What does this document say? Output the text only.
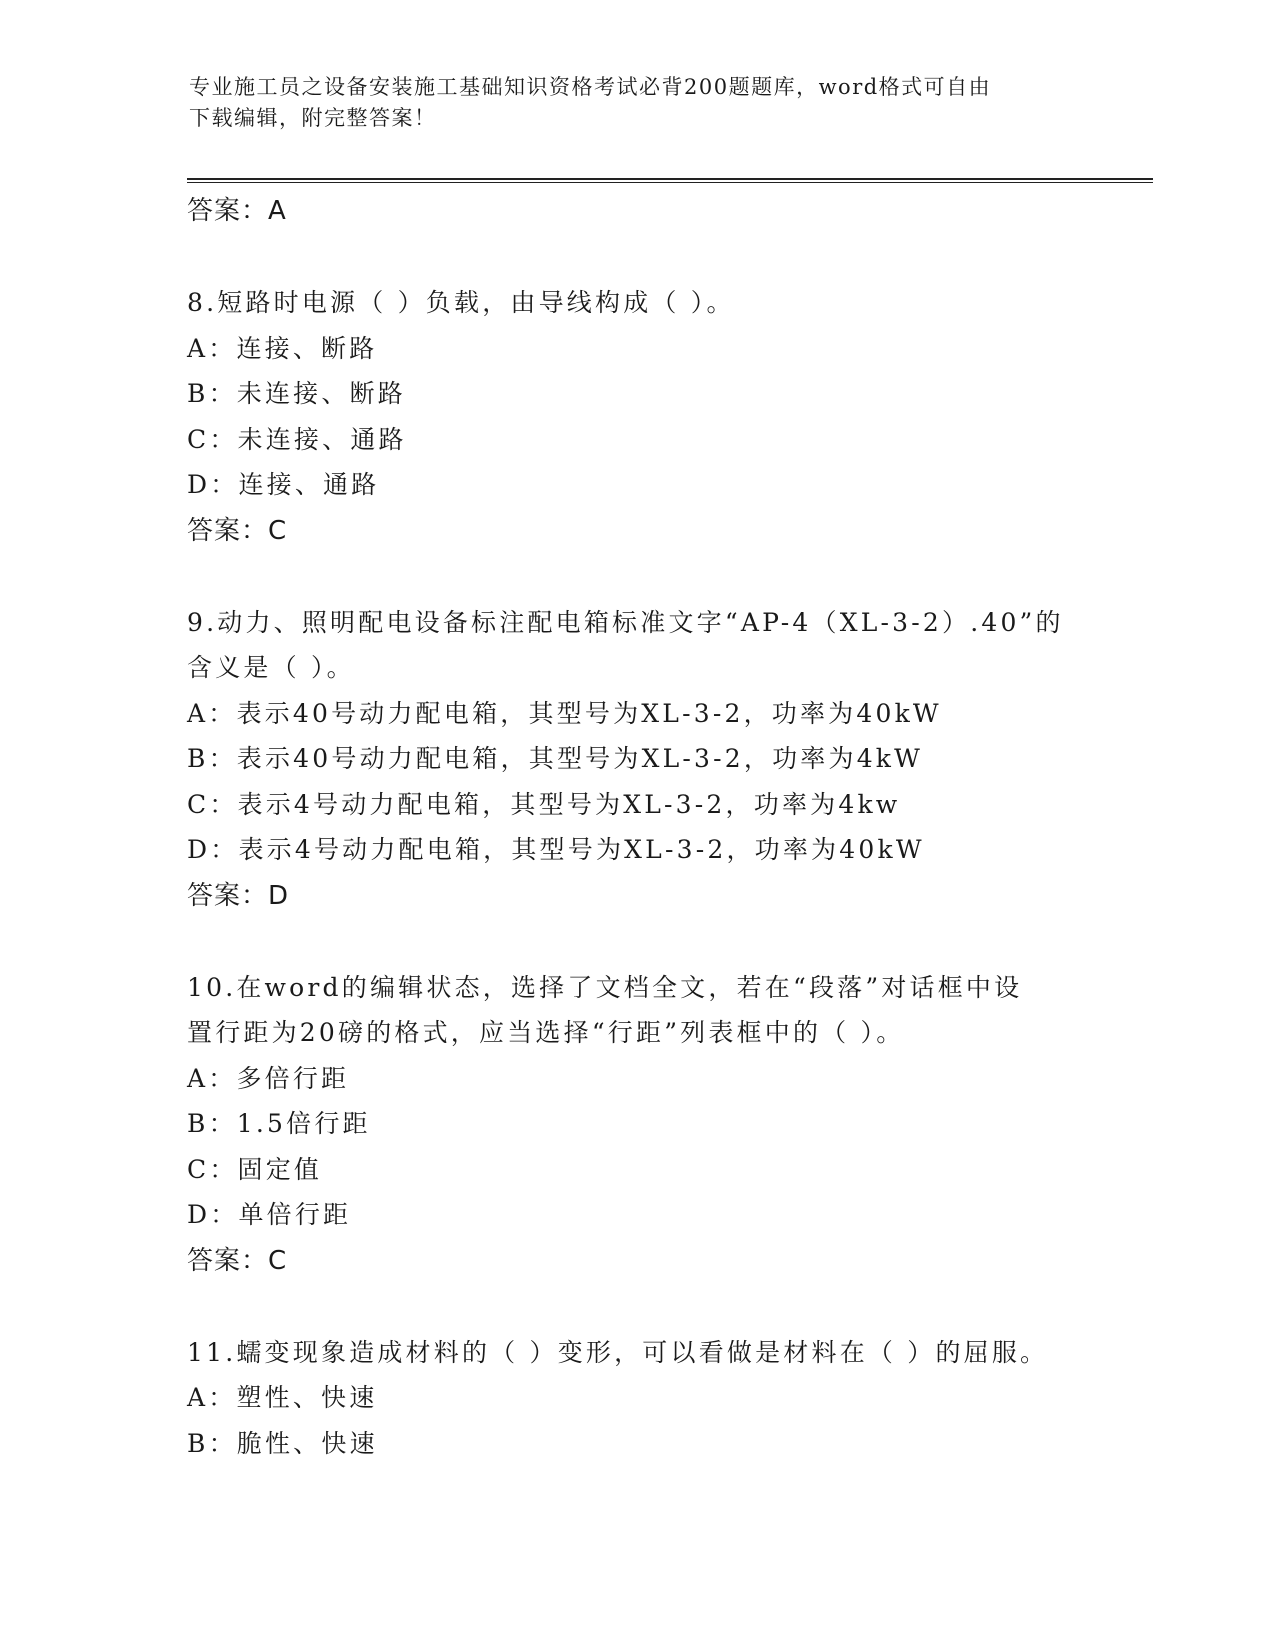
专业施工员之设备安装施工基础知识资格考试必背200题题库，word格式可自由
下载编辑，附完整答案！
答案：A
8.短路时电源（ ）负载，由导线构成（ ）。
A：连接、断路
B：未连接、断路
C：未连接、通路
D：连接、通路
答案：C
9.动力、照明配电设备标注配电箱标准文字“AP-4（XL-3-2）.40”的
含义是（ ）。
A：表示40号动力配电箱，其型号为XL-3-2，功率为40kW
B：表示40号动力配电箱，其型号为XL-3-2，功率为4kW
C：表示4号动力配电箱，其型号为XL-3-2，功率为4kw
D：表示4号动力配电箱，其型号为XL-3-2，功率为40kW
答案：D
10.在word的编辑状态，选择了文档全文，若在“段落”对话框中设
置行距为20磅的格式，应当选择“行距”列表框中的（ ）。
A：多倍行距
B：1.5倍行距
C：固定值
D：单倍行距
答案：C
11.蠕变现象造成材料的（ ）变形，可以看做是材料在（ ）的屈服。
A：塑性、快速
B：脆性、快速
